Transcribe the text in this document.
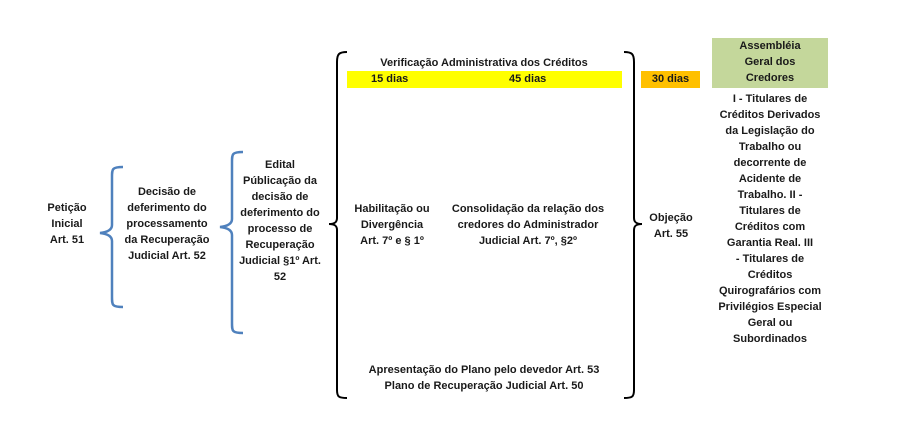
Petição
Inicial
Art. 51
Decisão de
deferimento do
processamento
da Recuperação
Judicial Art. 52
Edital
Públicação da
decisão de
deferimento do
processo de
Recuperação
Judicial §1º Art.
52
Verificação Administrativa dos Créditos
15 dias	45 dias	30 dias
Habilitação ou
Divergência
Art. 7º e § 1º
Consolidação da relação dos
credores do Administrador
Judicial Art. 7º, §2º
Objeção
Art. 55
Apresentação do Plano pelo devedor Art. 53
Plano de Recuperação Judicial Art. 50
Assembléia
Geral dos
Credores
I - Titulares de
Créditos Derivados
da Legislação do
Trabalho ou
decorrente de
Acidente de
Trabalho. II -
Titulares de
Créditos com
Garantia Real. III
- Titulares de
Créditos
Quirografários com
Privilégios Especial
Geral ou
Subordinados
